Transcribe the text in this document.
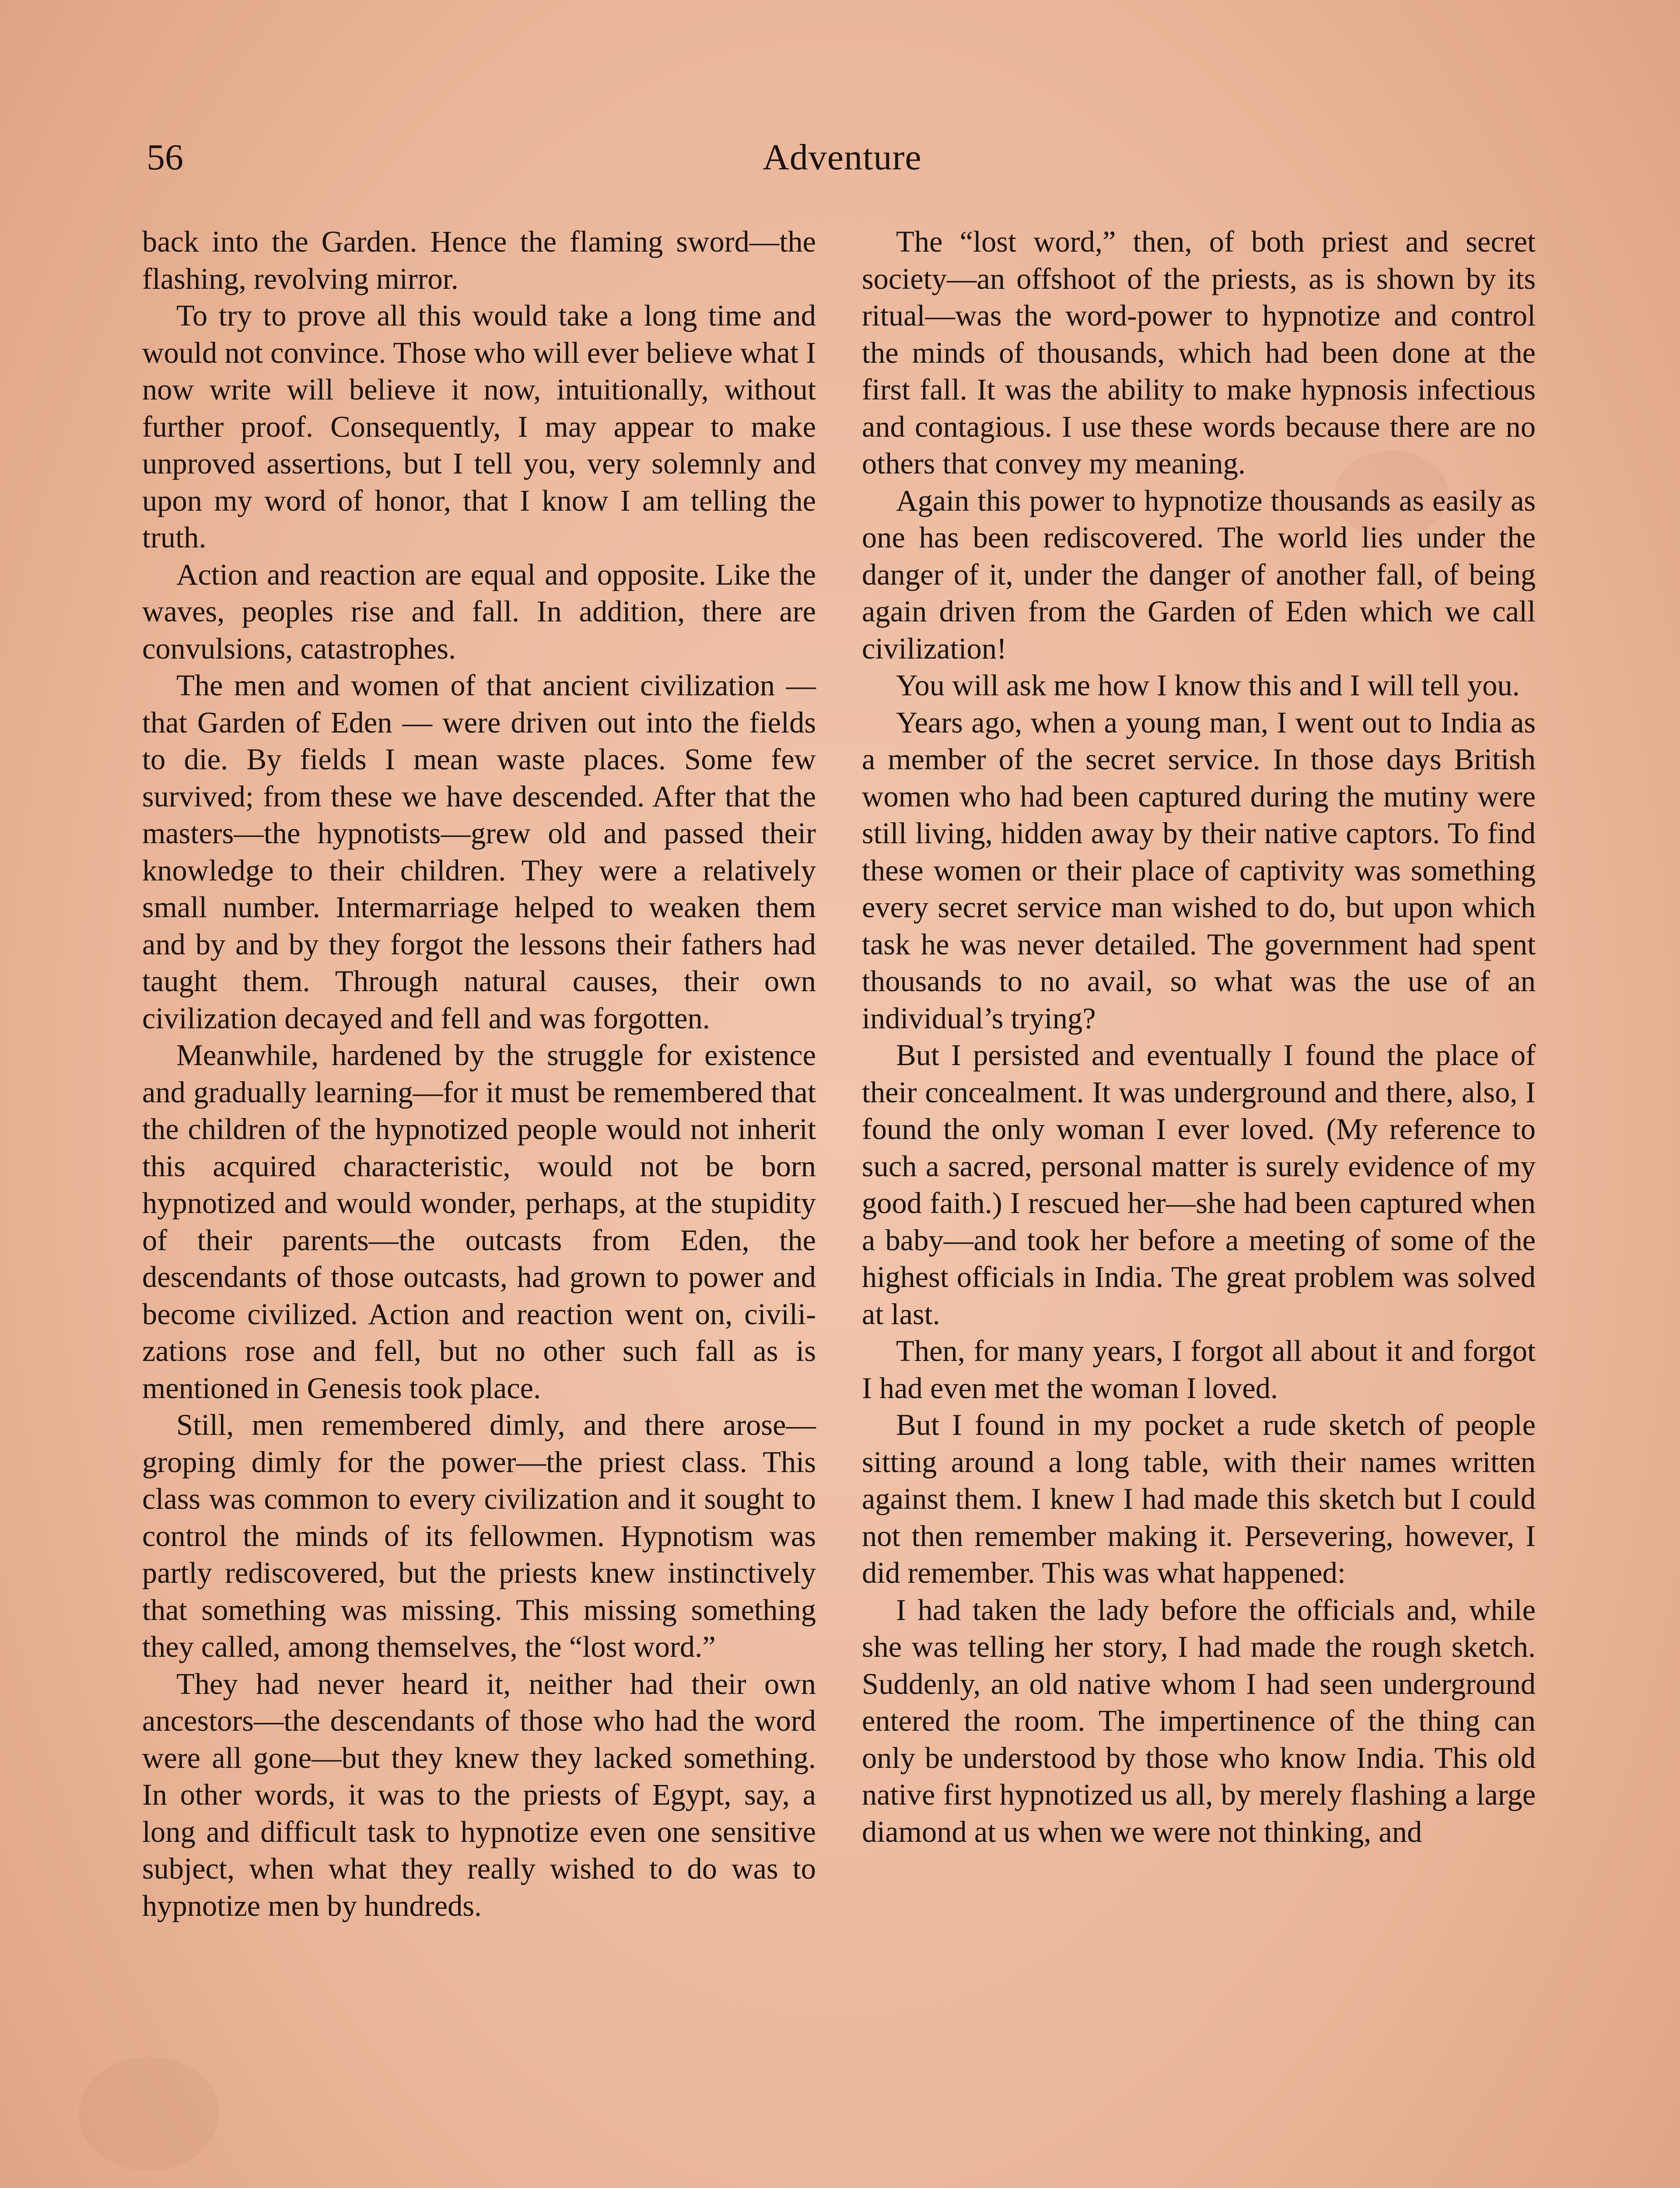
56	Adventure

back into the Garden. Hence the flaming sword—the flashing, revolving mirror.

To try to prove all this would take a long time and would not convince. Those who will ever believe what I now write will believe it now, intuitionally, without further proof. Consequently, I may appear to make unproved assertions, but I tell you, very solemnly and upon my word of honor, that I know I am telling the truth.

Action and reaction are equal and opposite. Like the waves, peoples rise and fall. In addition, there are convulsions, catastrophes.

The men and women of that ancient civilization — that Garden of Eden — were driven out into the fields to die. By fields I mean waste places. Some few survived; from these we have descended. After that the masters—the hypnotists—grew old and passed their knowledge to their children. They were a relatively small number. Intermarriage helped to weaken them and by and by they forgot the lessons their fathers had taught them. Through natural causes, their own civilization decayed and fell and was forgotten.

Meanwhile, hardened by the struggle for existence and gradually learning—for it must be remembered that the children of the hypnotized people would not inherit this acquired characteristic, would not be born hypnotized and would wonder, perhaps, at the stupidity of their parents—the outcasts from Eden, the descendants of those outcasts, had grown to power and become civilized. Action and reaction went on, civilizations rose and fell, but no other such fall as is mentioned in Genesis took place.

Still, men remembered dimly, and there arose—groping dimly for the power—the priest class. This class was common to every civilization and it sought to control the minds of its fellowmen. Hypnotism was partly rediscovered, but the priests knew instinctively that something was missing. This missing something they called, among themselves, the “lost word.”

They had never heard it, neither had their own ancestors—the descendants of those who had the word were all gone—but they knew they lacked something. In other words, it was to the priests of Egypt, say, a long and difficult task to hypnotize even one sensitive subject, when what they really wished to do was to hypnotize men by hundreds.

The “lost word,” then, of both priest and secret society—an offshoot of the priests, as is shown by its ritual—was the word-power to hypnotize and control the minds of thousands, which had been done at the first fall. It was the ability to make hypnosis infectious and contagious. I use these words because there are no others that convey my meaning.

Again this power to hypnotize thousands as easily as one has been rediscovered. The world lies under the danger of it, under the danger of another fall, of being again driven from the Garden of Eden which we call civilization!

You will ask me how I know this and I will tell you.

Years ago, when a young man, I went out to India as a member of the secret service. In those days British women who had been captured during the mutiny were still living, hidden away by their native captors. To find these women or their place of captivity was something every secret service man wished to do, but upon which task he was never detailed. The government had spent thousands to no avail, so what was the use of an individual’s trying?

But I persisted and eventually I found the place of their concealment. It was underground and there, also, I found the only woman I ever loved. (My reference to such a sacred, personal matter is surely evidence of my good faith.) I rescued her—she had been captured when a baby—and took her before a meeting of some of the highest officials in India. The great problem was solved at last.

Then, for many years, I forgot all about it and forgot I had even met the woman I loved.

But I found in my pocket a rude sketch of people sitting around a long table, with their names written against them. I knew I had made this sketch but I could not then remember making it. Persevering, however, I did remember. This was what happened:

I had taken the lady before the officials and, while she was telling her story, I had made the rough sketch. Suddenly, an old native whom I had seen underground entered the room. The impertinence of the thing can only be understood by those who know India. This old native first hypnotized us all, by merely flashing a large diamond at us when we were not thinking, and
